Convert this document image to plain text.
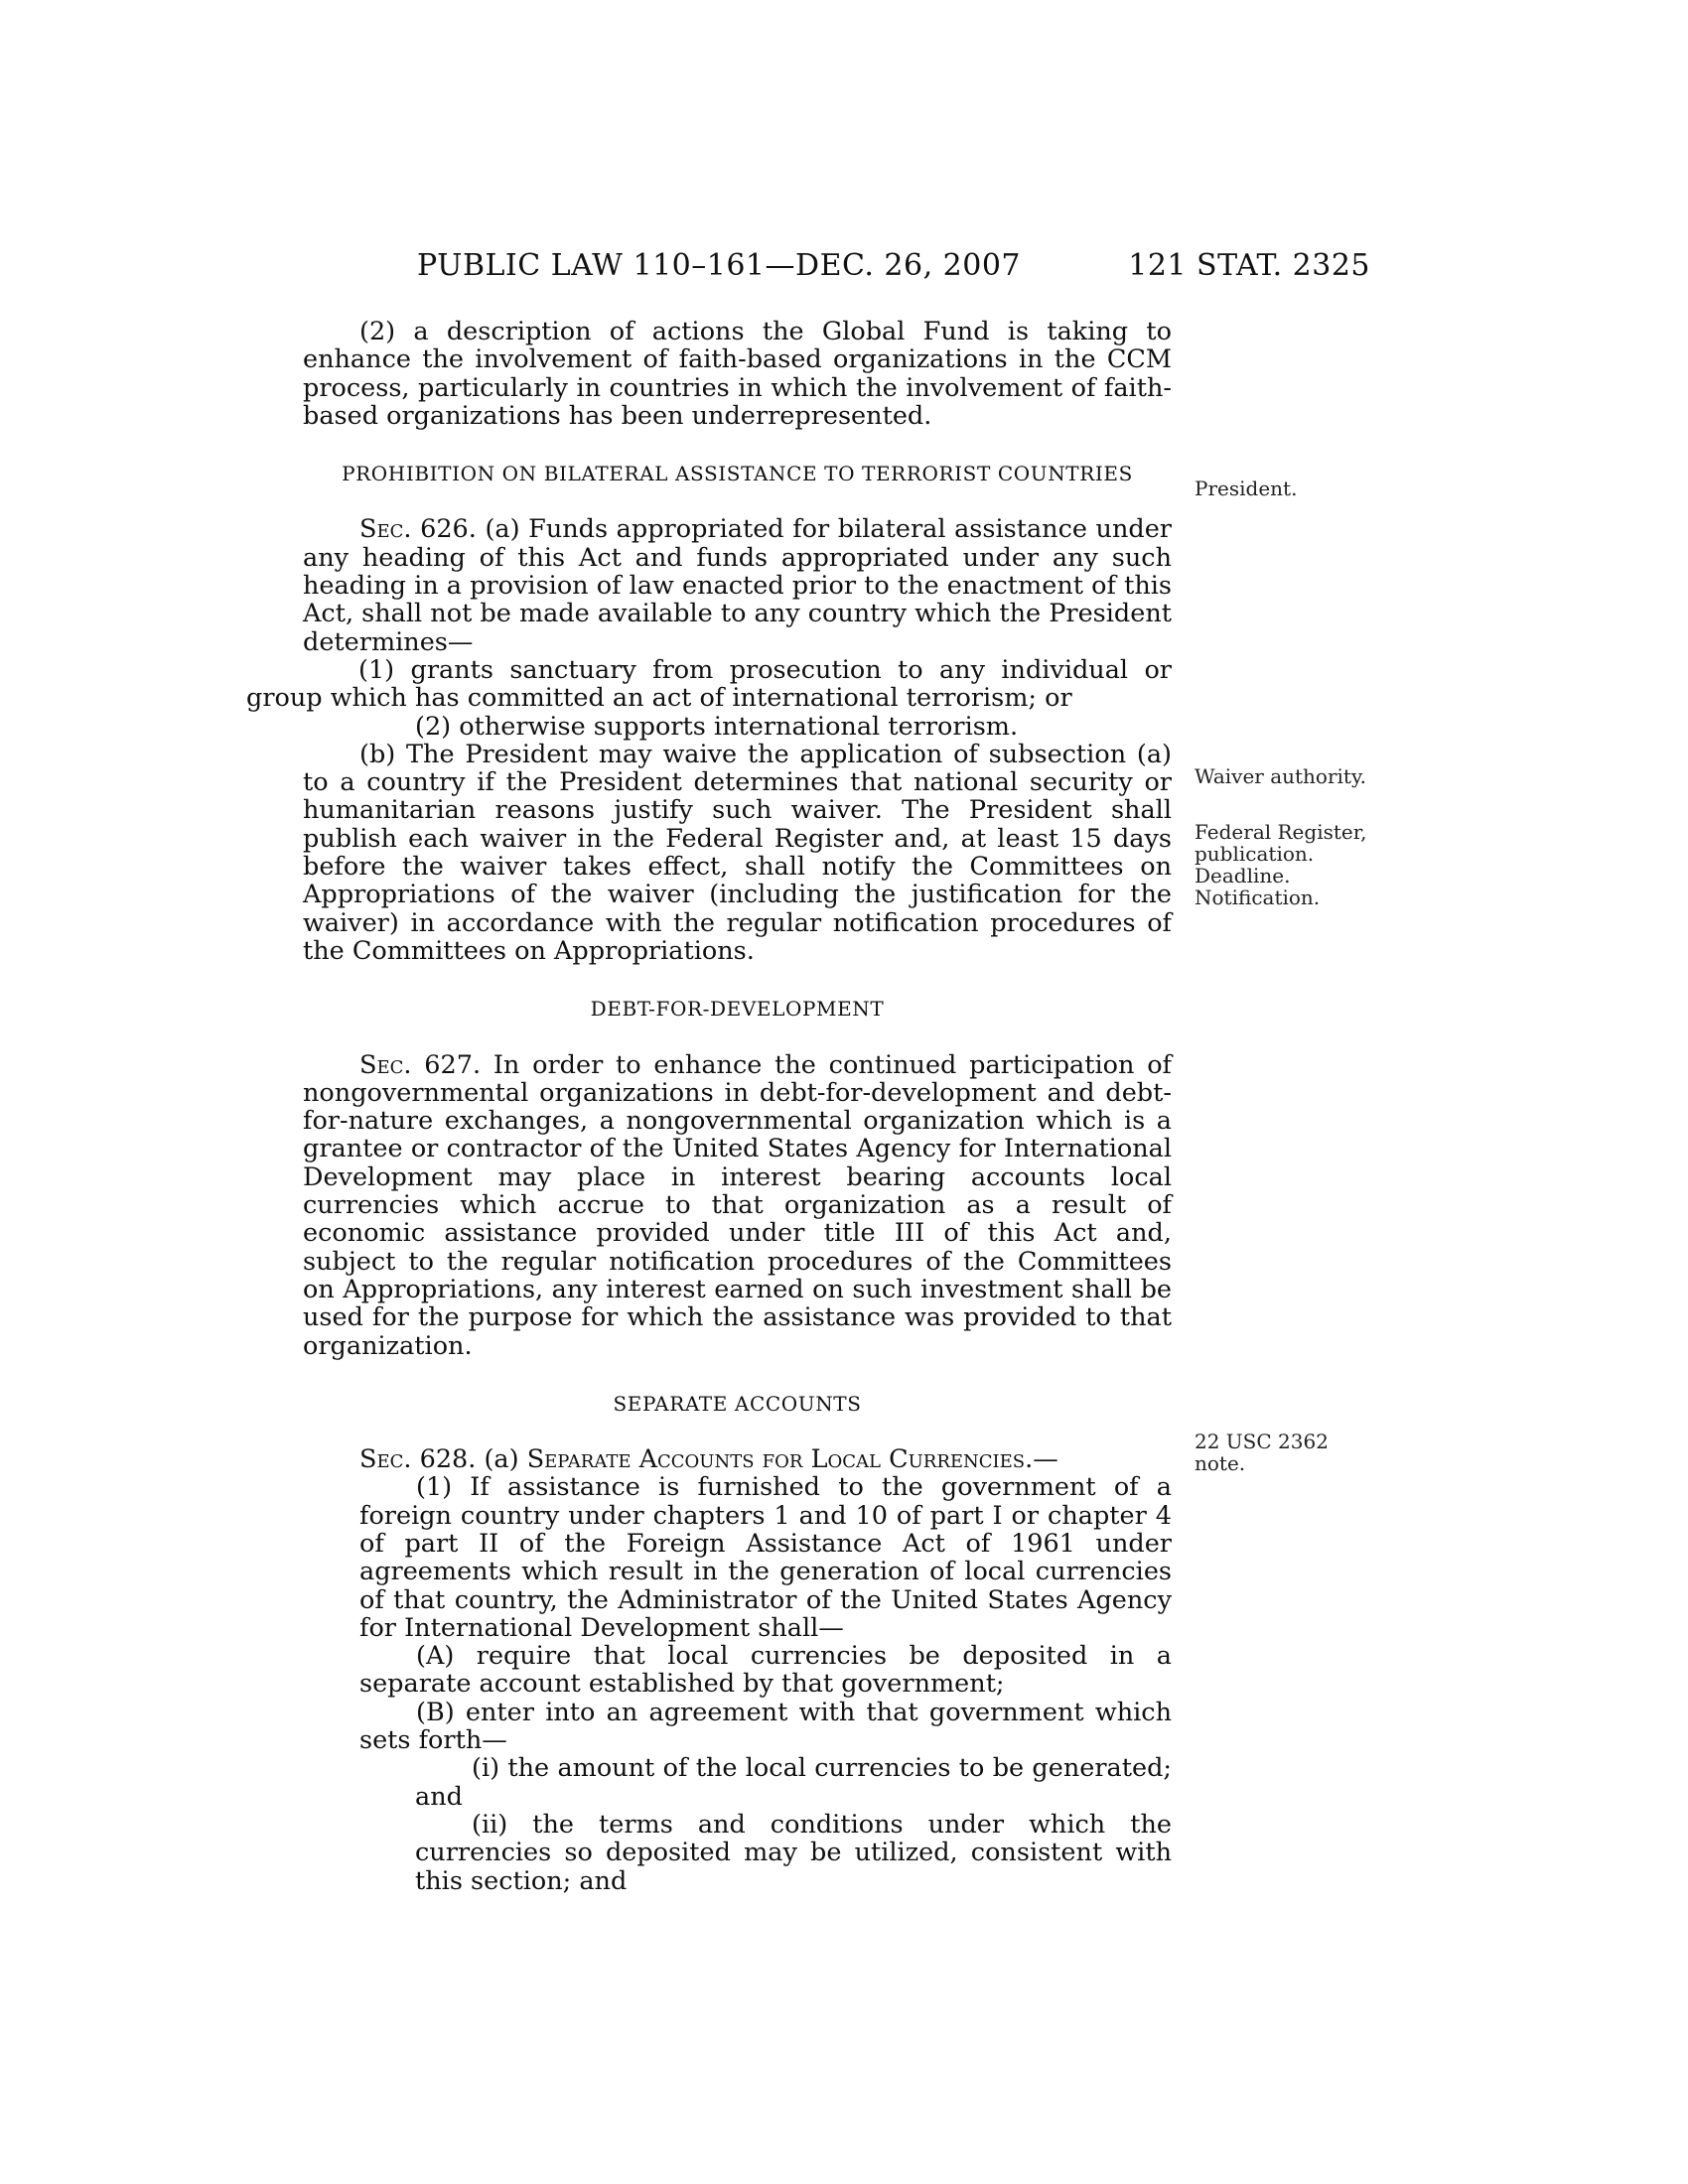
PUBLIC LAW 110–161—DEC. 26, 2007	121 STAT. 2325

(2) a description of actions the Global Fund is taking to enhance the involvement of faith-based organizations in the CCM process, particularly in countries in which the involvement of faith-based organizations has been underrepresented.

PROHIBITION ON BILATERAL ASSISTANCE TO TERRORIST COUNTRIES

Sec. 626. (a) Funds appropriated for bilateral assistance under any heading of this Act and funds appropriated under any such heading in a provision of law enacted prior to the enactment of this Act, shall not be made available to any country which the President determines—

(1) grants sanctuary from prosecution to any individual or group which has committed an act of international terrorism; or

(2) otherwise supports international terrorism.

(b) The President may waive the application of subsection (a) to a country if the President determines that national security or humanitarian reasons justify such waiver. The President shall publish each waiver in the Federal Register and, at least 15 days before the waiver takes effect, shall notify the Committees on Appropriations of the waiver (including the justification for the waiver) in accordance with the regular notification procedures of the Committees on Appropriations.

DEBT-FOR-DEVELOPMENT

Sec. 627. In order to enhance the continued participation of nongovernmental organizations in debt-for-development and debt-for-nature exchanges, a nongovernmental organization which is a grantee or contractor of the United States Agency for International Development may place in interest bearing accounts local currencies which accrue to that organization as a result of economic assistance provided under title III of this Act and, subject to the regular notification procedures of the Committees on Appropriations, any interest earned on such investment shall be used for the purpose for which the assistance was provided to that organization.

SEPARATE ACCOUNTS

Sec. 628. (a) Separate Accounts for Local Currencies.—

(1) If assistance is furnished to the government of a foreign country under chapters 1 and 10 of part I or chapter 4 of part II of the Foreign Assistance Act of 1961 under agreements which result in the generation of local currencies of that country, the Administrator of the United States Agency for International Development shall—

(A) require that local currencies be deposited in a separate account established by that government;

(B) enter into an agreement with that government which sets forth—

(i) the amount of the local currencies to be generated; and

(ii) the terms and conditions under which the currencies so deposited may be utilized, consistent with this section; and

President.
Waiver authority.
Federal Register,
publication.
Deadline.
Notification.
22 USC 2362
note.
